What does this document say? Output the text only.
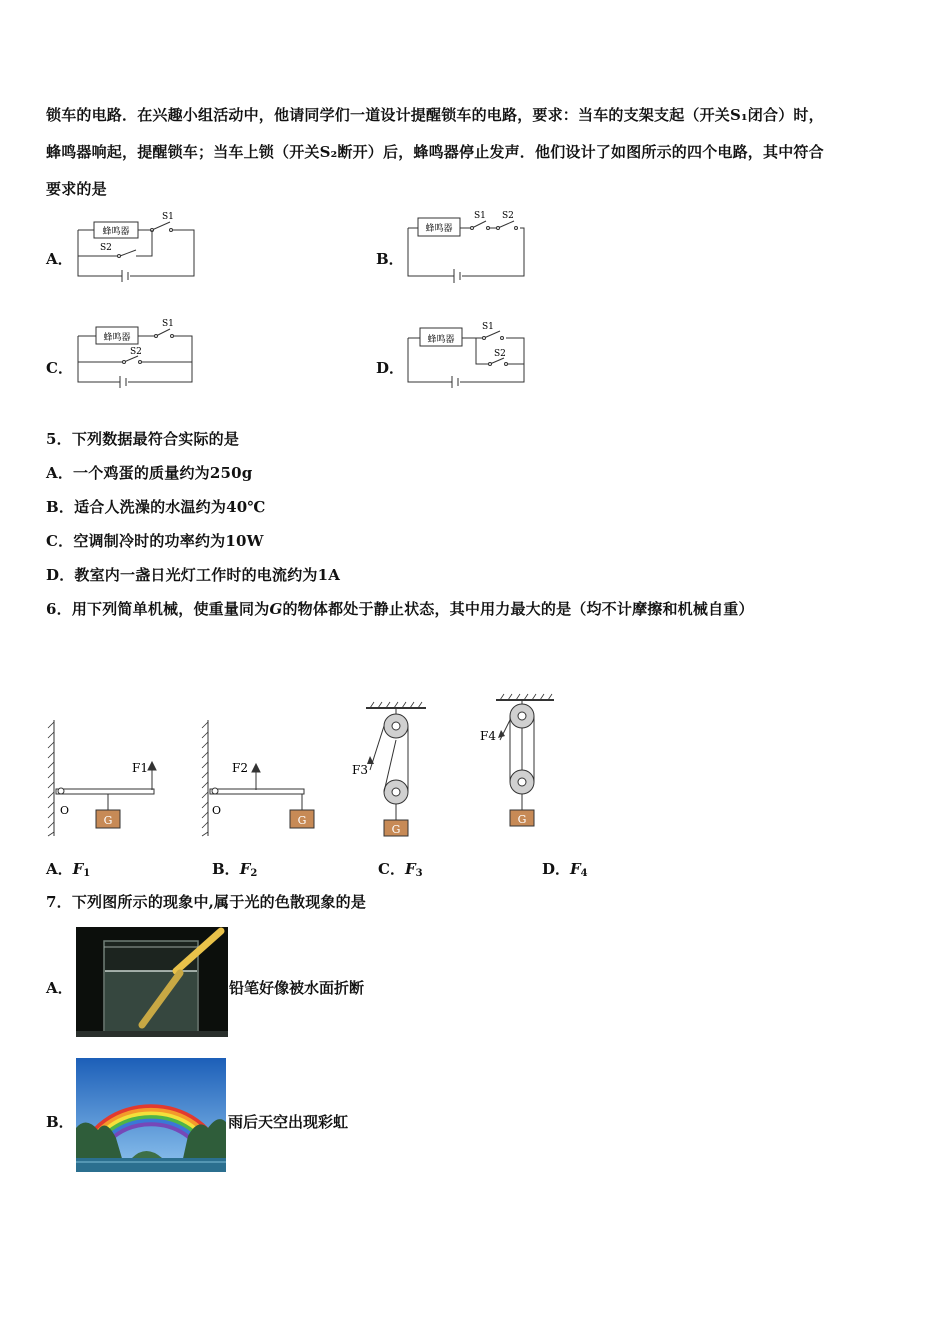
锁车的电路．在兴趣小组活动中，他请同学们一道设计提醒锁车的电路，要求：当车的支架支起（开关S₁闭合）时，
蜂鸣器响起，提醒锁车；当车上锁（开关S₂断开）后，蜂鸣器停止发声．他们设计了如图所示的四个电路，其中符合
要求的是
A．	B．
C．	D．
蜂鸣器
S1
S2
蜂鸣器
S1 S2
蜂鸣器
S1
S2
蜂鸣器
S1
S2
5．下列数据最符合实际的是
A．一个鸡蛋的质量约为250g
B．适合人洗澡的水温约为40℃
C．空调制冷时的功率约为10W
D．教室内一盏日光灯工作时的电流约为1A
6．用下列简单机械，使重量同为G的物体都处于静止状态，其中用力最大的是（均不计摩擦和机械自重）
G
O
F1
G
O
F2
G
F3
G
F4
A．$F_1$	B．$F_2$	C．$F_3$	D．$F_4$
7．下列图所示的现象中,属于光的色散现象的是
A．	铅笔好像被水面折断
B．	雨后天空出现彩虹
